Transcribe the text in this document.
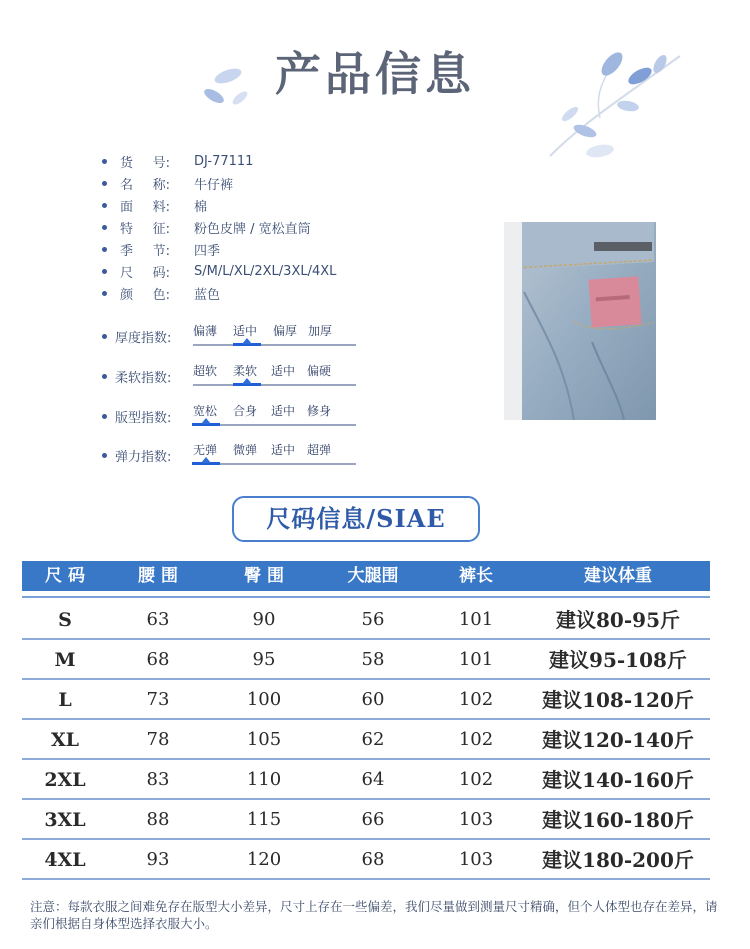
产品信息
货 号: DJ-77111
名 称: 牛仔裤
面 料: 棉
特 征: 粉色皮牌 / 宽松直筒
季 节: 四季
尺 码: S/M/L/XL/2XL/3XL/4XL
颜 色: 蓝色
厚度指数: 偏薄 适中 偏厚 加厚
柔软指数: 超软 柔软 适中 偏硬
版型指数: 宽松 合身 适中 修身
弹力指数: 无弹 微弹 适中 超弹
尺码信息/SIAE
尺 码	腰 围	臀 围	大腿围	裤长	建议体重
S	63	90	56	101	建议80-95斤
M	68	95	58	101	建议95-108斤
L	73	100	60	102	建议108-120斤
XL	78	105	62	102	建议120-140斤
2XL	83	110	64	102	建议140-160斤
3XL	88	115	66	103	建议160-180斤
4XL	93	120	68	103	建议180-200斤
注意：每款衣服之间难免存在版型大小差异，尺寸上存在一些偏差，我们尽量做到测量尺寸精确，但个人体型也存在差异，请亲们根据自身体型选择衣服大小。
